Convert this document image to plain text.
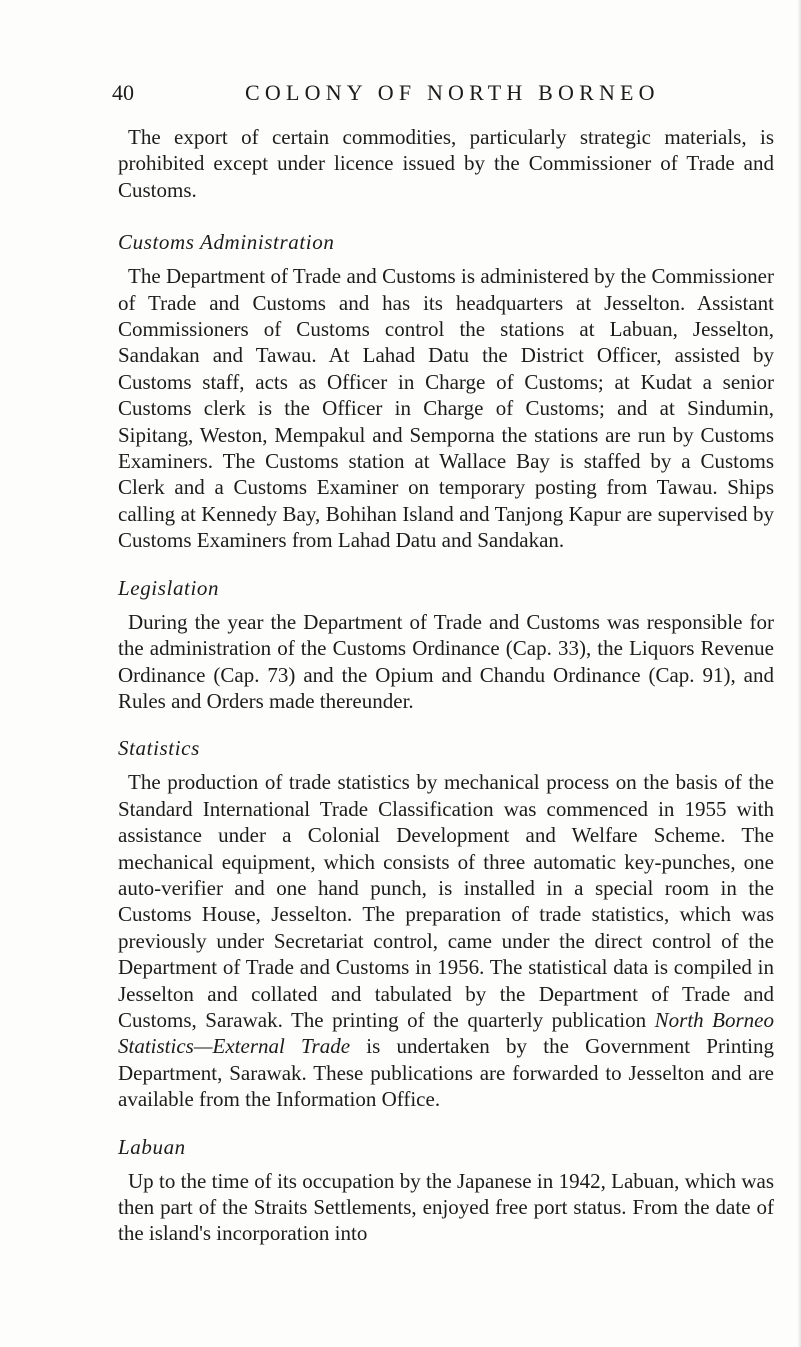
40	COLONY OF NORTH BORNEO

The export of certain commodities, particularly strategic materials, is prohibited except under licence issued by the Commissioner of Trade and Customs.

Customs Administration

The Department of Trade and Customs is administered by the Commissioner of Trade and Customs and has its headquarters at Jesselton. Assistant Commissioners of Customs control the stations at Labuan, Jesselton, Sandakan and Tawau. At Lahad Datu the District Officer, assisted by Customs staff, acts as Officer in Charge of Customs; at Kudat a senior Customs clerk is the Officer in Charge of Customs; and at Sindumin, Sipitang, Weston, Mempakul and Semporna the stations are run by Customs Examiners. The Customs station at Wallace Bay is staffed by a Customs Clerk and a Customs Examiner on temporary posting from Tawau. Ships calling at Kennedy Bay, Bohihan Island and Tanjong Kapur are supervised by Customs Examiners from Lahad Datu and Sandakan.

Legislation

During the year the Department of Trade and Customs was responsible for the administration of the Customs Ordinance (Cap. 33), the Liquors Revenue Ordinance (Cap. 73) and the Opium and Chandu Ordinance (Cap. 91), and Rules and Orders made thereunder.

Statistics

The production of trade statistics by mechanical process on the basis of the Standard International Trade Classification was commenced in 1955 with assistance under a Colonial Development and Welfare Scheme. The mechanical equipment, which consists of three automatic key-punches, one auto-verifier and one hand punch, is installed in a special room in the Customs House, Jesselton. The preparation of trade statistics, which was previously under Secretariat control, came under the direct control of the Department of Trade and Customs in 1956. The statistical data is compiled in Jesselton and collated and tabulated by the Department of Trade and Customs, Sarawak. The printing of the quarterly publication North Borneo Statistics—External Trade is undertaken by the Government Printing Department, Sarawak. These publications are forwarded to Jesselton and are available from the Information Office.

Labuan

Up to the time of its occupation by the Japanese in 1942, Labuan, which was then part of the Straits Settlements, enjoyed free port status. From the date of the island's incorporation into
